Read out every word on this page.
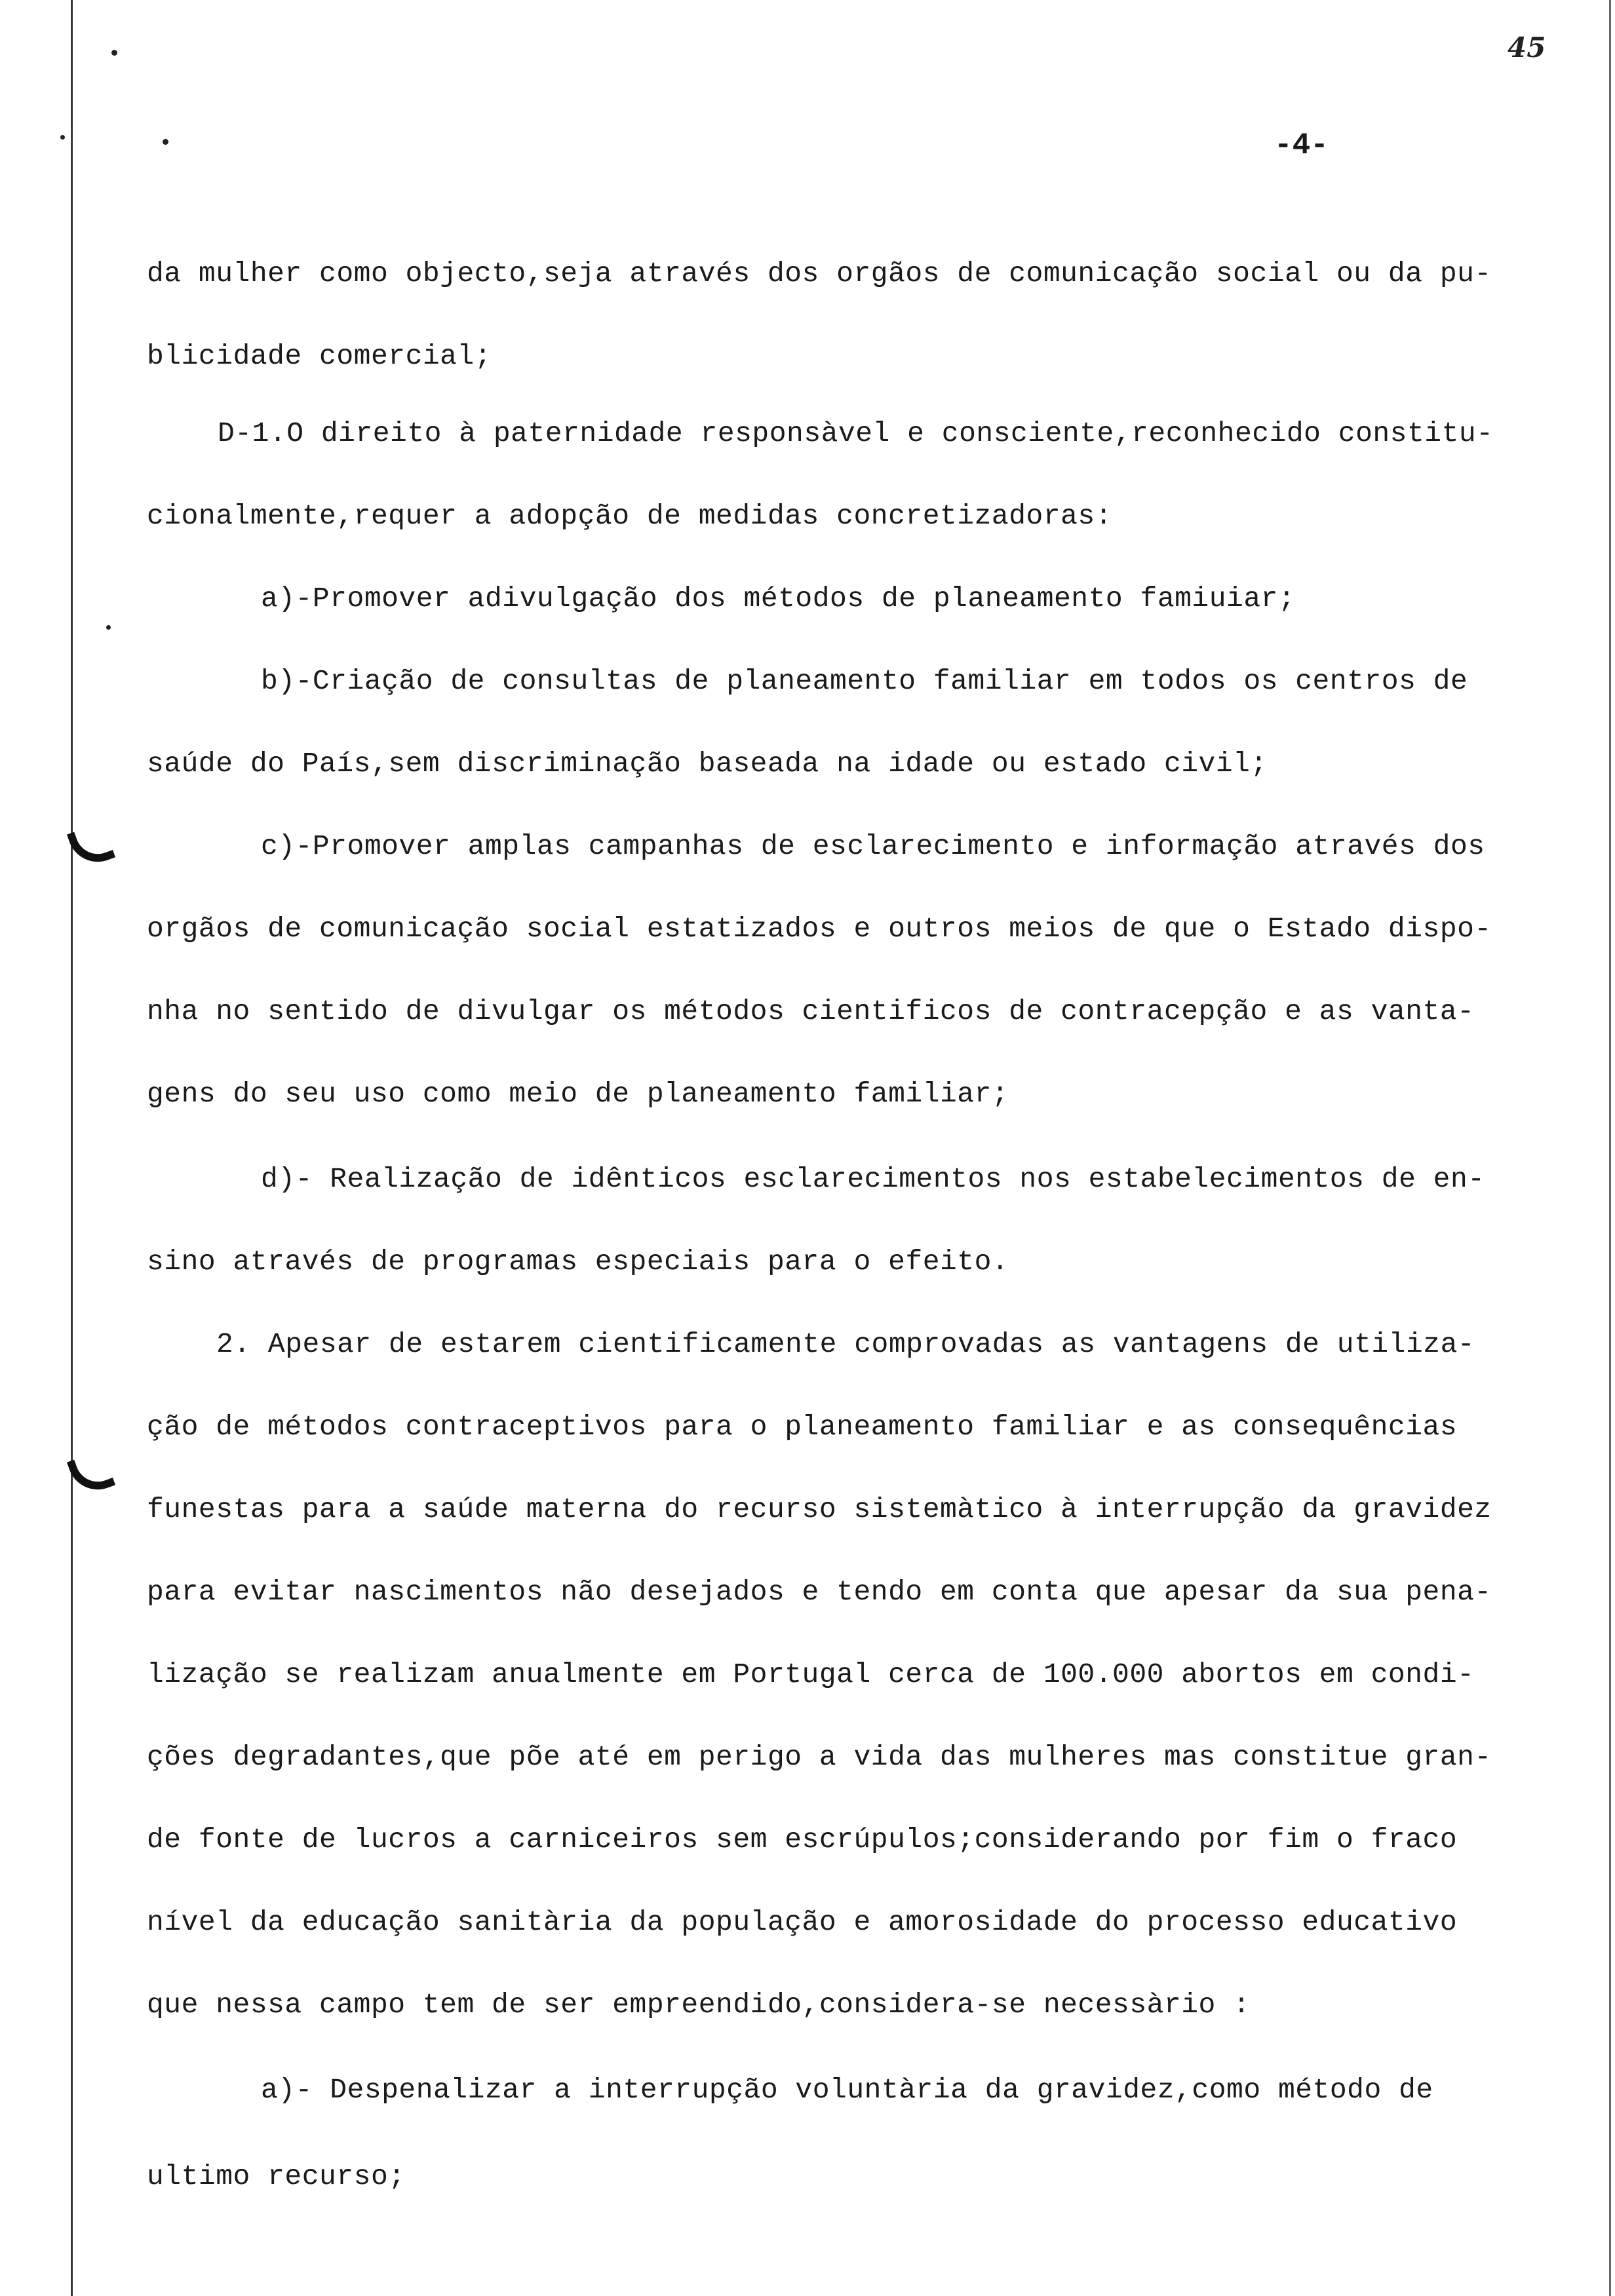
45
-4-
da mulher como objecto,seja através dos orgãos de comunicação social ou da pu-
blicidade comercial;
D-1.O direito à paternidade responsàvel e consciente,reconhecido constitu-
cionalmente,requer a adopção de medidas concretizadoras:
a)-Promover adivulgação dos métodos de planeamento famiuiar;
b)-Criação de consultas de planeamento familiar em todos os centros de
saúde do País,sem discriminação baseada na idade ou estado civil;
c)-Promover amplas campanhas de esclarecimento e informação através dos
orgãos de comunicação social estatizados e outros meios de que o Estado dispo-
nha no sentido de divulgar os métodos cientificos de contracepção e as vanta-
gens do seu uso como meio de planeamento familiar;
d)- Realização de idênticos esclarecimentos nos estabelecimentos de en-
sino através de programas especiais para o efeito.
2. Apesar de estarem cientificamente comprovadas as vantagens de utiliza-
ção de métodos contraceptivos para o planeamento familiar e as consequências
funestas para a saúde materna do recurso sistemàtico à interrupção da gravidez
para evitar nascimentos não desejados e tendo em conta que apesar da sua pena-
lização se realizam anualmente em Portugal cerca de 100.000 abortos em condi-
ções degradantes,que põe até em perigo a vida das mulheres mas constitue gran-
de fonte de lucros a carniceiros sem escrúpulos;considerando por fim o fraco
nível da educação sanitària da população e amorosidade do processo educativo
que nessa campo tem de ser empreendido,considera-se necessàrio :
a)- Despenalizar a interrupção voluntària da gravidez,como método de
ultimo recurso;
